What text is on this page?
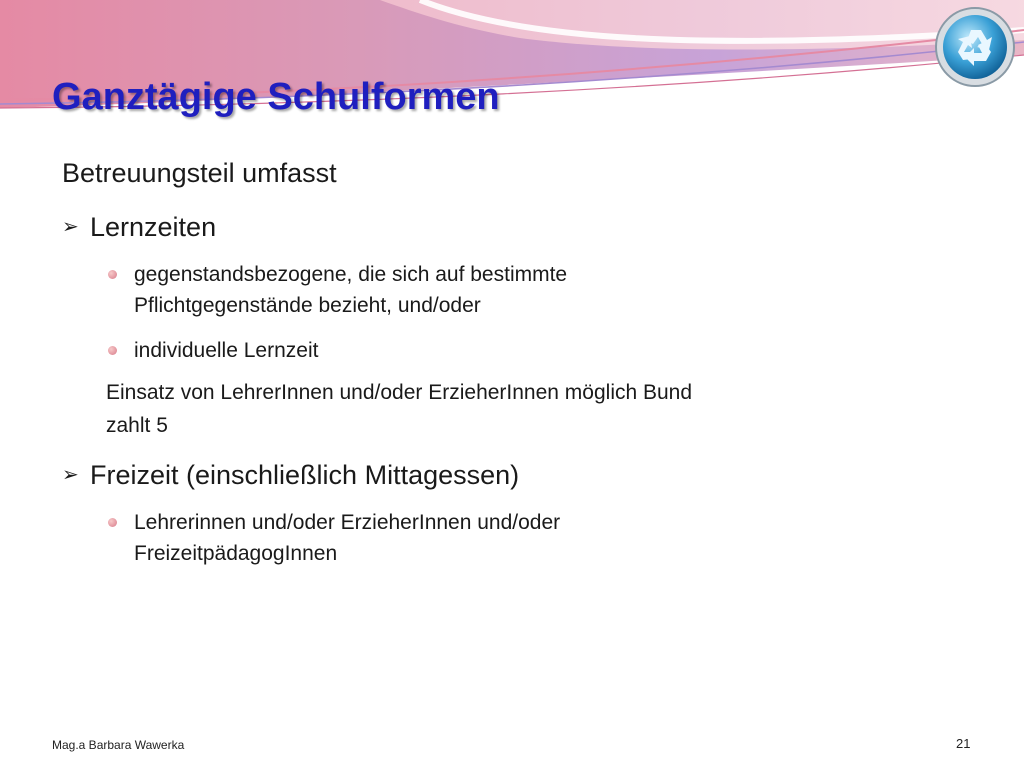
Ganztägige Schulformen
Betreuungsteil umfasst
➢ Lernzeiten
gegenstandsbezogene, die sich auf bestimmte
Pflichtgegenstände bezieht, und/oder
individuelle Lernzeit
Einsatz von LehrerInnen und/oder ErzieherInnen möglich Bund
zahlt 5
➢ Freizeit (einschließlich Mittagessen)
Lehrerinnen und/oder ErzieherInnen und/oder
FreizeitpädagogInnen
Mag.a Barbara Wawerka	21
